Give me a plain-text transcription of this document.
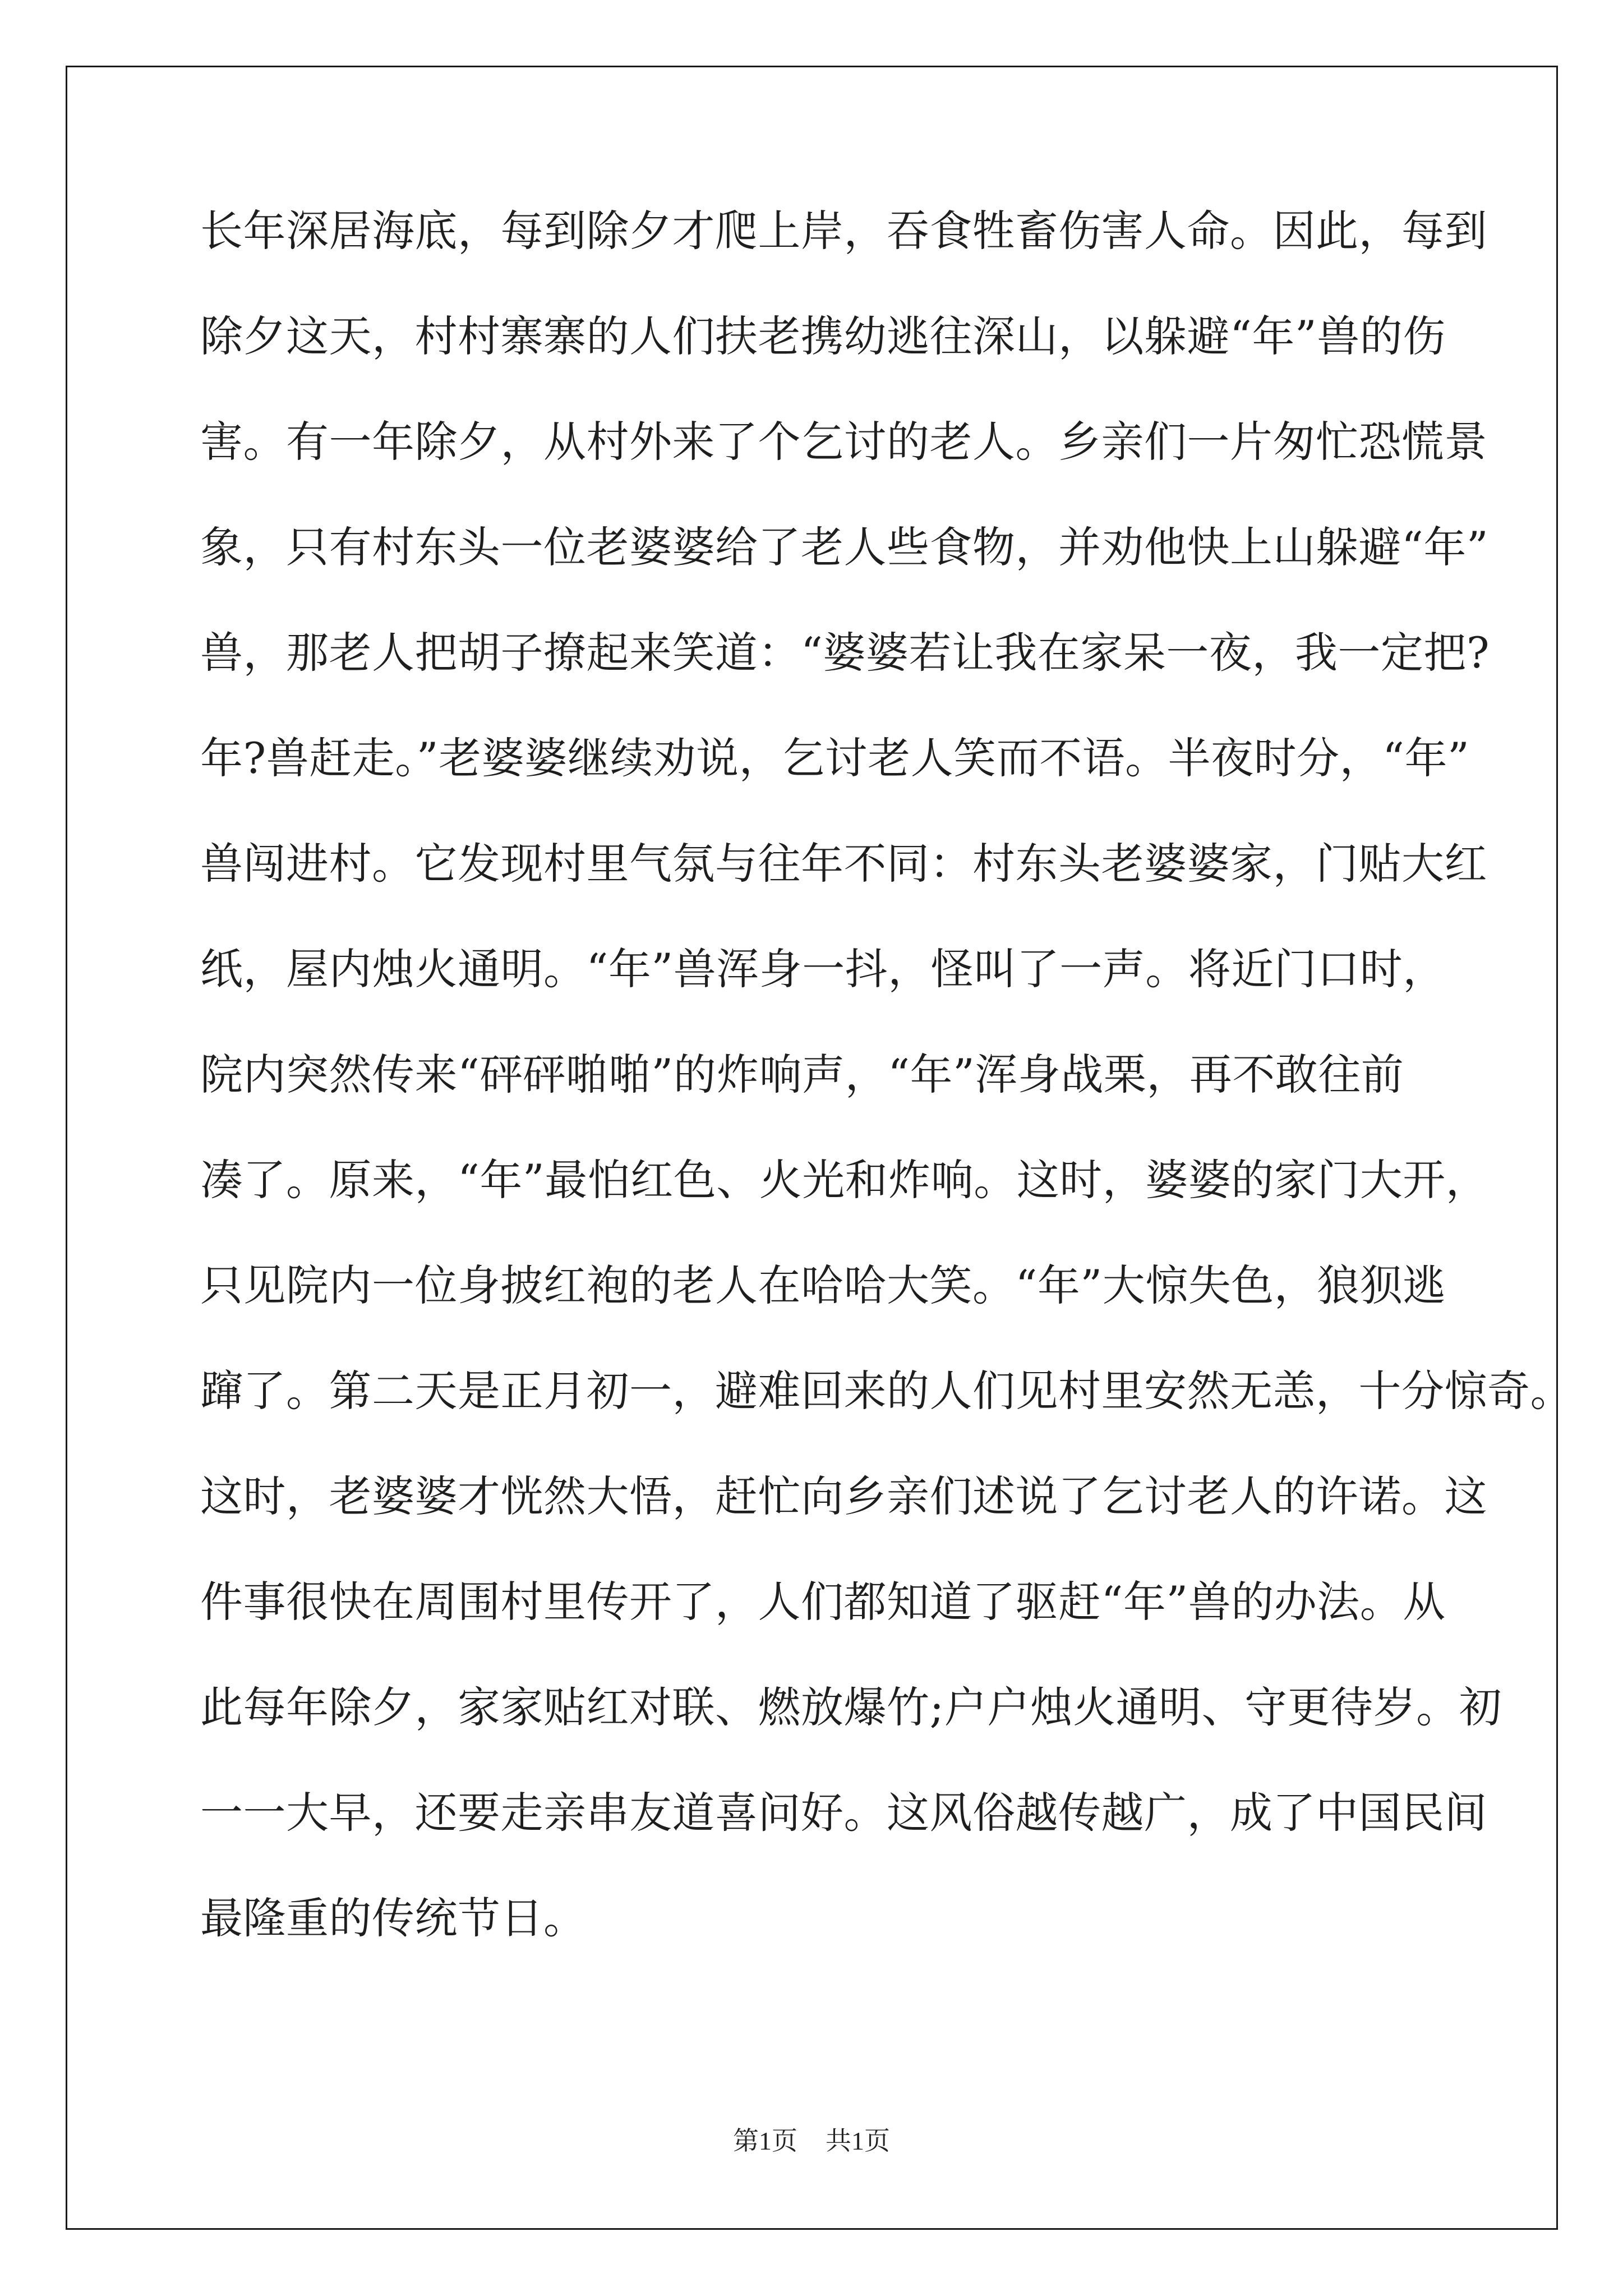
长年深居海底，每到除夕才爬上岸，吞食牲畜伤害人命。因此，每到
除夕这天，村村寨寨的人们扶老携幼逃往深山，以躲避“年”兽的伤
害。有一年除夕，从村外来了个乞讨的老人。乡亲们一片匆忙恐慌景
象，只有村东头一位老婆婆给了老人些食物，并劝他快上山躲避“年”
兽，那老人把胡子撩起来笑道：“婆婆若让我在家呆一夜，我一定把?
年?兽赶走。”老婆婆继续劝说，乞讨老人笑而不语。半夜时分，“年”
兽闯进村。它发现村里气氛与往年不同：村东头老婆婆家，门贴大红
纸，屋内烛火通明。“年”兽浑身一抖，怪叫了一声。将近门口时，
院内突然传来“砰砰啪啪”的炸响声，“年”浑身战栗，再不敢往前
凑了。原来，“年”最怕红色、火光和炸响。这时，婆婆的家门大开，
只见院内一位身披红袍的老人在哈哈大笑。“年”大惊失色，狼狈逃
蹿了。第二天是正月初一，避难回来的人们见村里安然无恙，十分惊奇。
这时，老婆婆才恍然大悟，赶忙向乡亲们述说了乞讨老人的许诺。这
件事很快在周围村里传开了，人们都知道了驱赶“年”兽的办法。从
此每年除夕，家家贴红对联、燃放爆竹;户户烛火通明、守更待岁。初
一一大早，还要走亲串友道喜问好。这风俗越传越广，成了中国民间
最隆重的传统节日。
第1页 共1页
